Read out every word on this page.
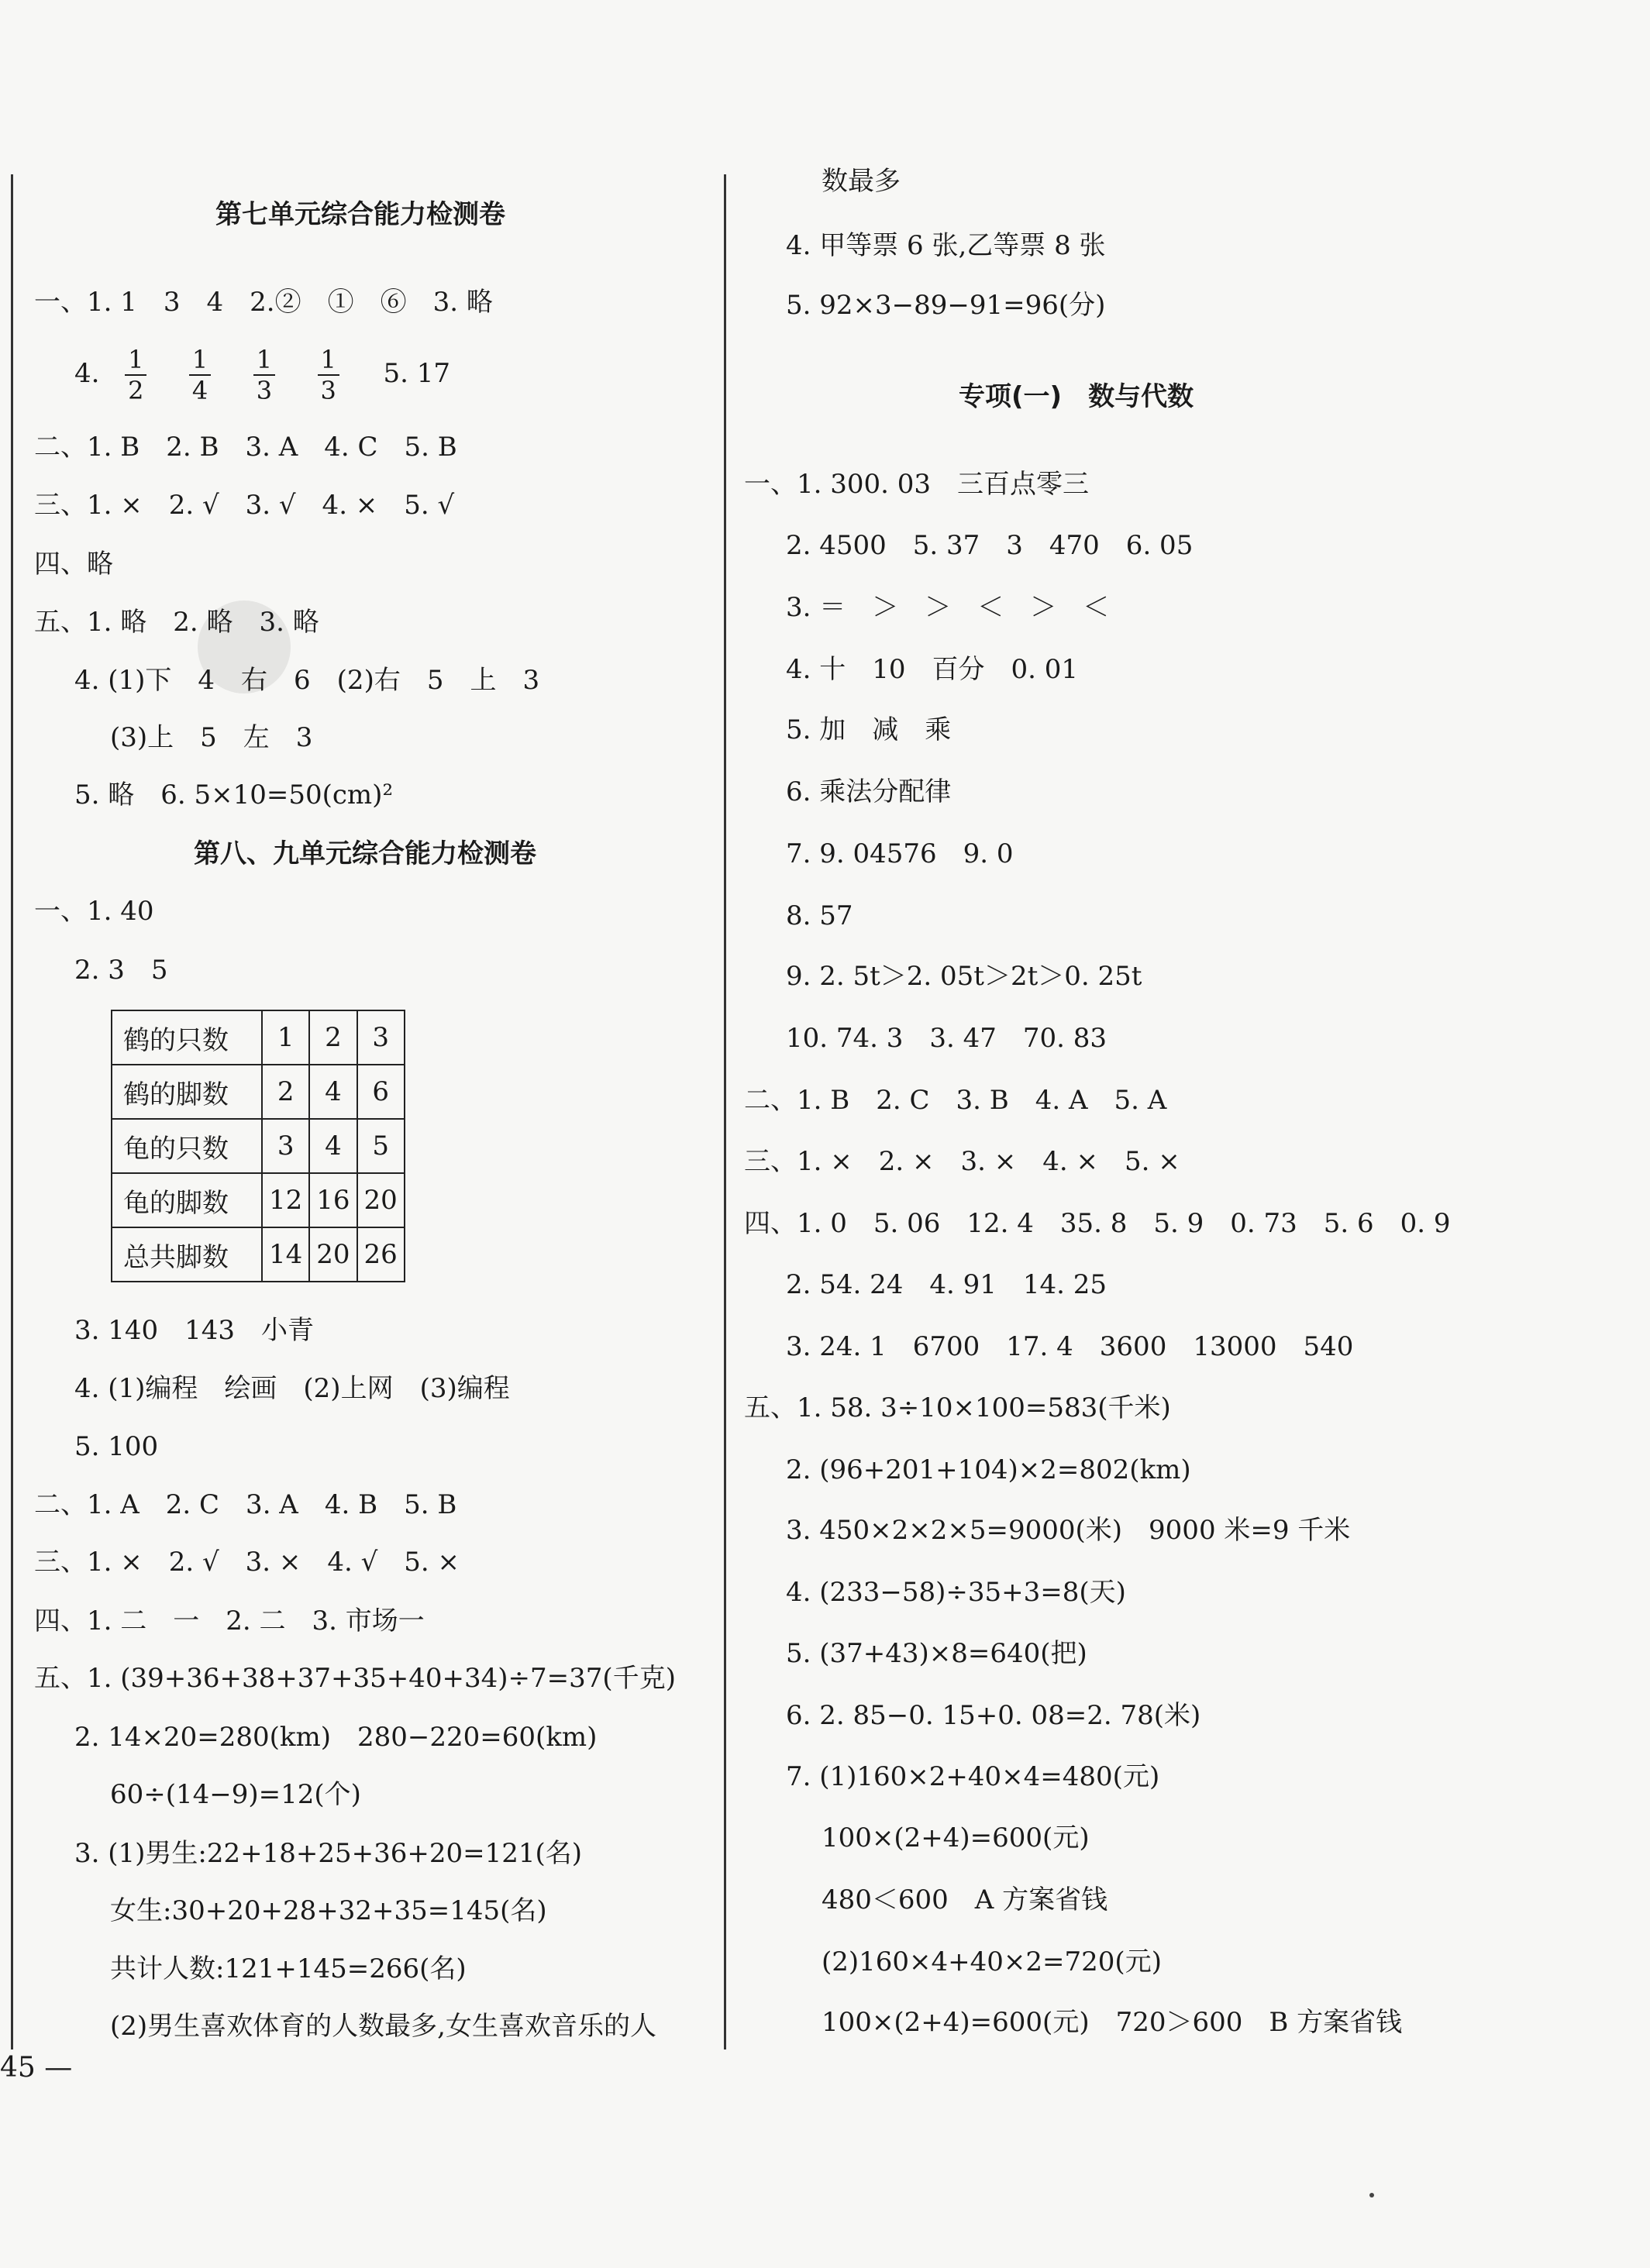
第七单元综合能力检测卷
一、1. 1　3　4　2.②　①　⑥　3. 略
4. $\frac{1}{2}$
$\frac{1}{4}$
$\frac{1}{3}$
$\frac{1}{3} 5$. 17
二、1. B　2. B　3. A　4. C　5. B
三、1. ×　2. √　3. √　4. ×　5. √
四、略
五、1. 略　2. 略　3. 略
4. (1)下　4　右　6　(2)右　5　上　3
(3)上　5　左　3
5. 略　6. 5×10=50(cm)²
第八、九单元综合能力检测卷
一、1. 40
2. 3　5
鹤的只数	1	2	3
鹤的脚数	2	4	6
龟的只数	3	4	5
龟的脚数	12	16	20
总共脚数	14	20	26
3. 140　143　小青
4. (1)编程　绘画　(2)上网　(3)编程
5. 100
二、1. A　2. C　3. A　4. B　5. B
三、1. ×　2. √　3. ×　4. √　5. ×
四、1. 二　一　2. 二　3. 市场一
五、1. (39+36+38+37+35+40+34)÷7=37(千克)
2. 14×20=280(km)　280−220=60(km)
60÷(14−9)=12(个)
3. (1)男生:22+18+25+36+20=121(名)
女生:30+20+28+32+35=145(名)
共计人数:121+145=266(名)
(2)男生喜欢体育的人数最多,女生喜欢音乐的人
数最多
4. 甲等票 6 张,乙等票 8 张
5. 92×3−89−91=96(分)
专项(一)　数与代数
一、1. 300. 03　三百点零三
2. 4500　5. 37　3　470　6. 05
3. ＝　＞　＞　＜　＞　＜
4. 十　10　百分　0. 01
5. 加　减　乘
6. 乘法分配律
7. 9. 04576　9. 0
8. 57
9. 2. 5t＞2. 05t＞2t＞0. 25t
10. 74. 3　3. 47　70. 83
二、1. B　2. C　3. B　4. A　5. A
三、1. ×　2. ×　3. ×　4. ×　5. ×
四、1. 0　5. 06　12. 4　35. 8　5. 9　0. 73　5. 6　0. 9
2. 54. 24　4. 91　14. 25
3. 24. 1　6700　17. 4　3600　13000　540
五、1. 58. 3÷10×100=583(千米)
2. (96+201+104)×2=802(km)
3. 450×2×2×5=9000(米)　9000 米=9 千米
4. (233−58)÷35+3=8(天)
5. (37+43)×8=640(把)
6. 2. 85−0. 15+0. 08=2. 78(米)
7. (1)160×2+40×4=480(元)
100×(2+4)=600(元)
480＜600　A 方案省钱
(2)160×4+40×2=720(元)
100×(2+4)=600(元)　720＞600　B 方案省钱
45 —
